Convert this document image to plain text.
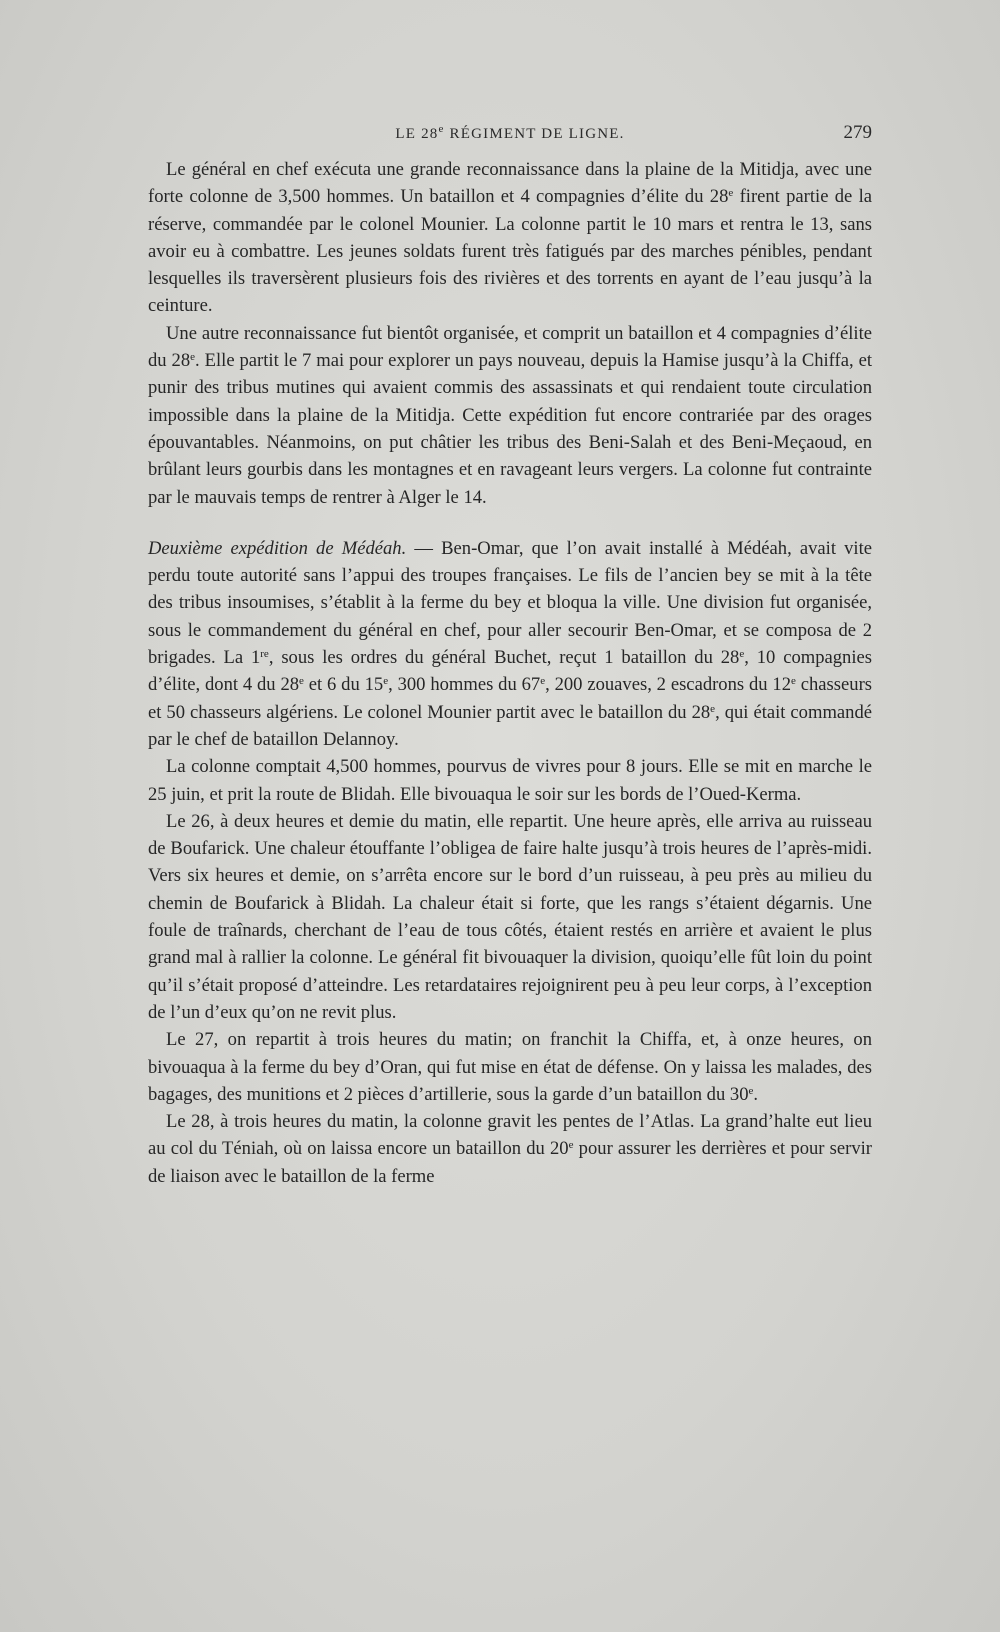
LE 28e RÉGIMENT DE LIGNE.	279

Le général en chef exécuta une grande reconnaissance dans la plaine de la Mitidja, avec une forte colonne de 3,500 hommes. Un bataillon et 4 compagnies d’élite du 28e firent partie de la réserve, commandée par le colonel Mounier. La colonne partit le 10 mars et rentra le 13, sans avoir eu à combattre. Les jeunes soldats furent très fatigués par des marches pénibles, pendant lesquelles ils traversèrent plusieurs fois des rivières et des torrents en ayant de l’eau jusqu’à la ceinture.

Une autre reconnaissance fut bientôt organisée, et comprit un bataillon et 4 compagnies d’élite du 28e. Elle partit le 7 mai pour explorer un pays nouveau, depuis la Hamise jusqu’à la Chiffa, et punir des tribus mutines qui avaient commis des assassinats et qui rendaient toute circulation impossible dans la plaine de la Mitidja. Cette expédition fut encore contrariée par des orages épouvantables. Néanmoins, on put châtier les tribus des Beni-Salah et des Beni-Meçaoud, en brûlant leurs gourbis dans les montagnes et en ravageant leurs vergers. La colonne fut contrainte par le mauvais temps de rentrer à Alger le 14.

Deuxième expédition de Médéah. — Ben-Omar, que l’on avait installé à Médéah, avait vite perdu toute autorité sans l’appui des troupes françaises. Le fils de l’ancien bey se mit à la tête des tribus insoumises, s’établit à la ferme du bey et bloqua la ville. Une division fut organisée, sous le commandement du général en chef, pour aller secourir Ben-Omar, et se composa de 2 brigades. La 1re, sous les ordres du général Buchet, reçut 1 bataillon du 28e, 10 compagnies d’élite, dont 4 du 28e et 6 du 15e, 300 hommes du 67e, 200 zouaves, 2 escadrons du 12e chasseurs et 50 chasseurs algériens. Le colonel Mounier partit avec le bataillon du 28e, qui était commandé par le chef de bataillon Delannoy.

La colonne comptait 4,500 hommes, pourvus de vivres pour 8 jours. Elle se mit en marche le 25 juin, et prit la route de Blidah. Elle bivouaqua le soir sur les bords de l’Oued-Kerma.

Le 26, à deux heures et demie du matin, elle repartit. Une heure après, elle arriva au ruisseau de Boufarick. Une chaleur étouffante l’obligea de faire halte jusqu’à trois heures de l’après-midi. Vers six heures et demie, on s’arrêta encore sur le bord d’un ruisseau, à peu près au milieu du chemin de Boufarick à Blidah. La chaleur était si forte, que les rangs s’étaient dégarnis. Une foule de traînards, cherchant de l’eau de tous côtés, étaient restés en arrière et avaient le plus grand mal à rallier la colonne. Le général fit bivouaquer la division, quoiqu’elle fût loin du point qu’il s’était proposé d’atteindre. Les retardataires rejoignirent peu à peu leur corps, à l’exception de l’un d’eux qu’on ne revit plus.

Le 27, on repartit à trois heures du matin; on franchit la Chiffa, et, à onze heures, on bivouaqua à la ferme du bey d’Oran, qui fut mise en état de défense. On y laissa les malades, des bagages, des munitions et 2 pièces d’artillerie, sous la garde d’un bataillon du 30e.

Le 28, à trois heures du matin, la colonne gravit les pentes de l’Atlas. La grand’halte eut lieu au col du Téniah, où on laissa encore un bataillon du 20e pour assurer les derrières et pour servir de liaison avec le bataillon de la ferme
